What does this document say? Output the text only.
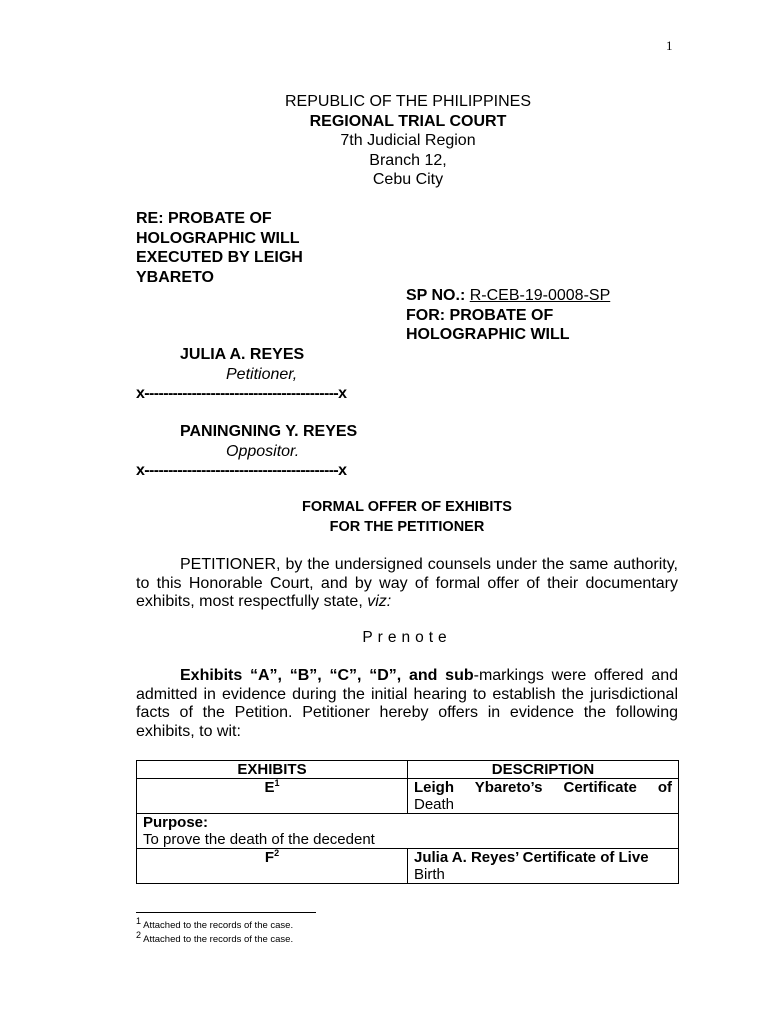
1
REPUBLIC OF THE PHILIPPINES
REGIONAL TRIAL COURT
7th Judicial Region
Branch 12,
Cebu City
RE: PROBATE OF
HOLOGRAPHIC WILL
EXECUTED BY LEIGH
YBARETO
SP NO.: R-CEB-19-0008-SP
FOR: PROBATE OF
HOLOGRAPHIC WILL
JULIA A. REYES
Petitioner,
x-----------------------------------------x
PANINGNING Y. REYES
Oppositor.
x-----------------------------------------x
FORMAL OFFER OF EXHIBITS
FOR THE PETITIONER
PETITIONER, by the undersigned counsels under the same authority, to this Honorable Court, and by way of formal offer of their documentary exhibits, most respectfully state, viz:
Prenote
Exhibits “A”, “B”, “C”, “D”, and sub-markings were offered and admitted in evidence during the initial hearing to establish the jurisdictional facts of the Petition. Petitioner hereby offers in evidence the following exhibits, to wit:
EXHIBITS	DESCRIPTION
$E^1$	Leigh Ybareto’s Certificate of
Death

Purpose:
To prove the death of the decedent	

$F^2$	Julia A. Reyes’ Certificate of Live
Birth
$^1$ Attached to the records of the case.
$^2$ Attached to the records of the case.
